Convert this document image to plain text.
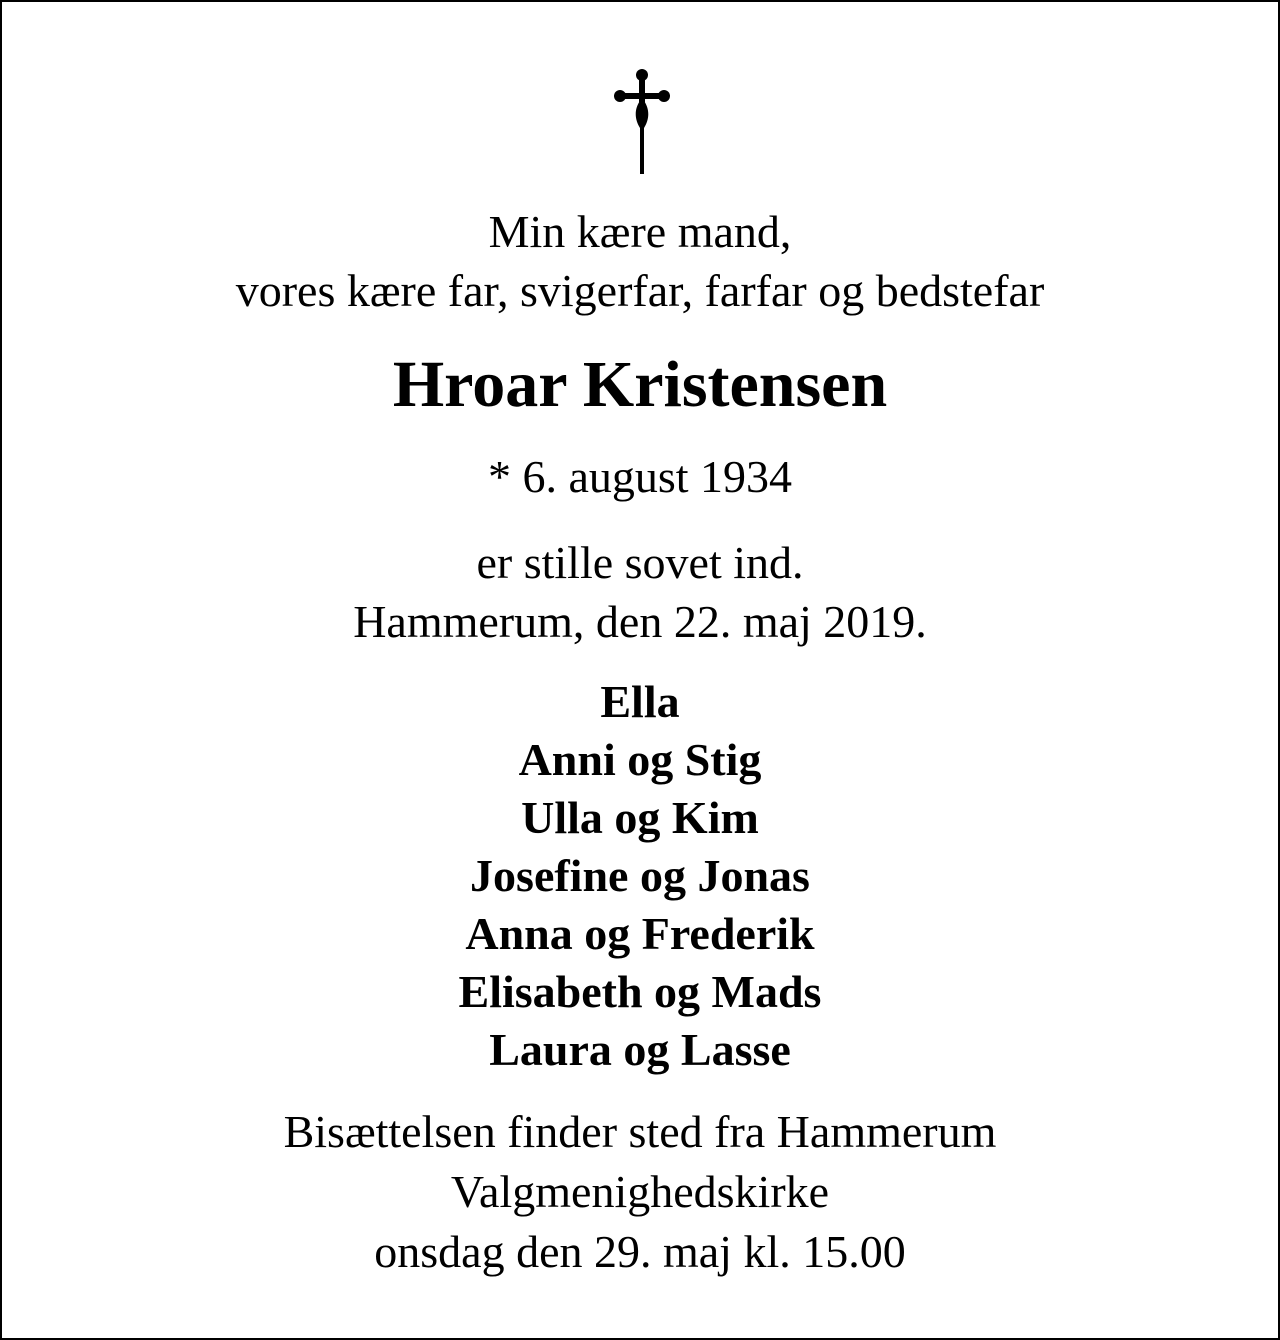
Min kære mand,
vores kære far, svigerfar, farfar og bedstefar
Hroar Kristensen
* 6. august 1934
er stille sovet ind.
Hammerum, den 22. maj 2019.
Ella
Anni og Stig
Ulla og Kim
Josefine og Jonas
Anna og Frederik
Elisabeth og Mads
Laura og Lasse
Bisættelsen finder sted fra Hammerum
Valgmenighedskirke
onsdag den 29. maj kl. 15.00
